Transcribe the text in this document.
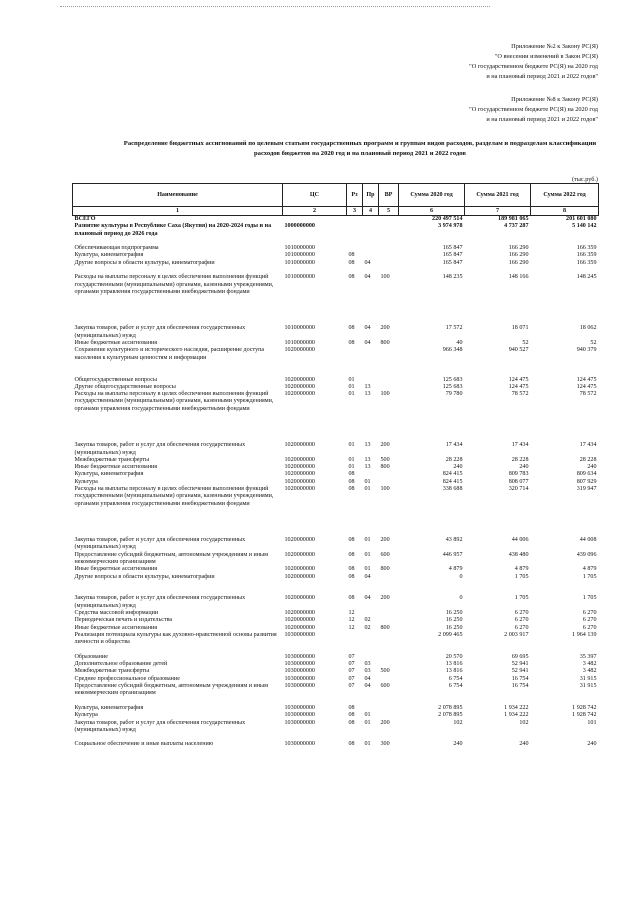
Приложение №2 к Закону РС(Я)
"О внесении изменений в Закон РС(Я)
"О государственном бюджете РС(Я) на 2020 год
и на плановый период 2021 и 2022 годов"
Приложение №8 к Закону РС(Я)
"О государственном бюджете РС(Я) на 2020 год
и на плановый период 2021 и 2022 годов"
Распределение бюджетных ассигнований по целевым статьям государственных программ и группам видов расходов, разделам и подразделам классификации расходов бюджетов на 2020 год и на плановый период 2021 и 2022 годов
(тыс.руб.)
Наименование	ЦС	Рз	Пр	ВР	Сумма 2020 год	Сумма 2021 год	Сумма 2022 год
1	2	3	4	5	6	7	8
ВСЕГО					220 497 514	189 981 065	201 601 080
Развитие культуры в Республике Саха (Якутия) на 2020-2024 годы и на плановый период до 2026 года	1000000000				3 974 978	4 737 287	5 140 142
Обеспечивающая подпрограмма	1010000000				165 847	166 290	166 359
Культура, кинематография	1010000000	08			165 847	166 290	166 359
Другие вопросы в области культуры, кинематографии	1010000000	08	04		165 847	166 290	166 359
Расходы на выплаты персоналу в целях обеспечения выполнения функций государственными (муниципальными) органами, казенными учреждениями, органами управления государственными внебюджетными фондами	1010000000	08	04	100	148 235	148 166	148 245
Закупка товаров, работ и услуг для обеспечения государственных (муниципальных) нужд	1010000000	08	04	200	17 572	18 071	18 062
Иные бюджетные ассигнования	1010000000	08	04	800	40	52	52
Сохранение культурного и исторического наследия, расширение доступа населения к культурным ценностям и информации	1020000000				966 348	940 527	940 379
Общегосударственные вопросы	1020000000	01			125 683	124 475	124 475
Другие общегосударственные вопросы	1020000000	01	13		125 683	124 475	124 475
Расходы на выплаты персоналу в целях обеспечения выполнения функций государственными (муниципальными) органами, казенными учреждениями, органами управления государственными внебюджетными фондами	1020000000	01	13	100	79 780	78 572	78 572
Закупка товаров, работ и услуг для обеспечения государственных (муниципальных) нужд	1020000000	01	13	200	17 434	17 434	17 434
Межбюджетные трансферты	1020000000	01	13	500	28 228	28 228	28 228
Иные бюджетные ассигнования	1020000000	01	13	800	240	240	240
Культура, кинематография	1020000000	08			824 415	809 783	809 634
Культура	1020000000	08	01		824 415	808 077	807 929
Расходы на выплаты персоналу в целях обеспечения выполнения функций государственными (муниципальными) органами, казенными учреждениями, органами управления государственными внебюджетными фондами	1020000000	08	01	100	338 688	320 714	319 947
Закупка товаров, работ и услуг для обеспечения государственных (муниципальных) нужд	1020000000	08	01	200	43 892	44 006	44 008
Предоставление субсидий бюджетным, автономным учреждениям и иным некоммерческим организациям	1020000000	08	01	600	446 957	438 480	439 096
Иные бюджетные ассигнования	1020000000	08	01	800	4 879	4 879	4 879
Другие вопросы в области культуры, кинематографии	1020000000	08	04		0	1 705	1 705
Закупка товаров, работ и услуг для обеспечения государственных (муниципальных) нужд	1020000000	08	04	200	0	1 705	1 705
Средства массовой информации	1020000000	12			16 250	6 270	6 270
Периодическая печать и издательства	1020000000	12	02		16 250	6 270	6 270
Иные бюджетные ассигнования	1020000000	12	02	800	16 250	6 270	6 270
Реализация потенциала культуры как духовно-нравственной основы развития личности и общества	1030000000				2 099 465	2 003 917	1 964 139
Образование	1030000000	07			20 570	69 695	35 397
Дополнительное образование детей	1030000000	07	03		13 816	52 941	3 482
Межбюджетные трансферты	1030000000	07	03	500	13 816	52 941	3 482
Среднее профессиональное образование	1030000000	07	04		6 754	16 754	31 915
Предоставление субсидий бюджетным, автономным учреждениям и иным некоммерческим организациям	1030000000	07	04	600	6 754	16 754	31 915
Культура, кинематография	1030000000	08			2 078 895	1 934 222	1 928 742
Культура	1030000000	08	01		2 078 895	1 934 222	1 928 742
Закупка товаров, работ и услуг для обеспечения государственных (муниципальных) нужд	1030000000	08	01	200	102	102	101
Социальное обеспечение и иные выплаты населению	1030000000	08	01	300	240	240	240
